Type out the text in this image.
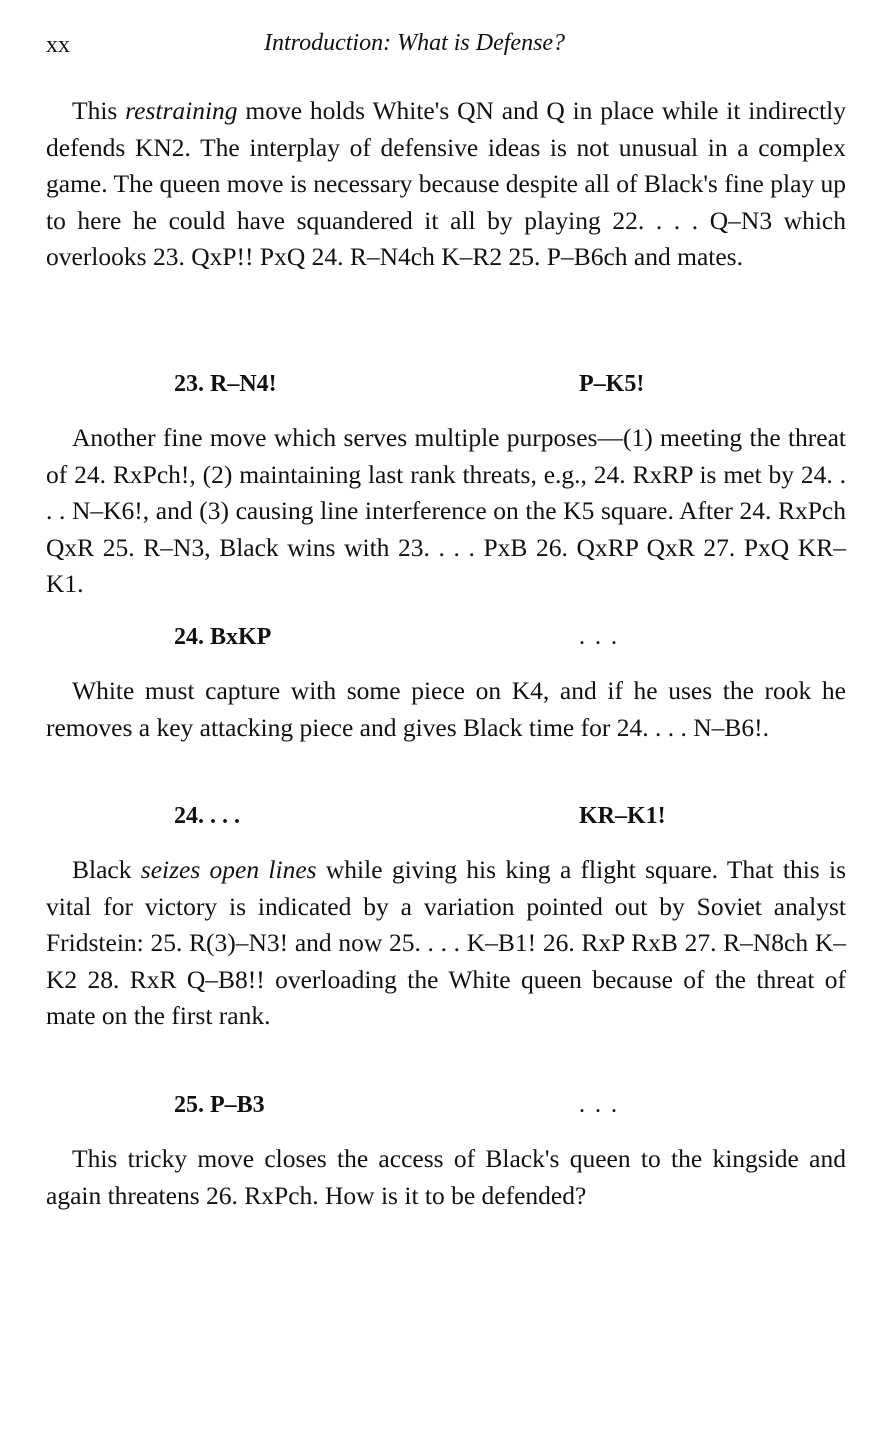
xx	Introduction: What is Defense?

This restraining move holds White's QN and Q in place while it indirectly defends KN2. The interplay of defensive ideas is not unusual in a complex game. The queen move is necessary because despite all of Black's fine play up to here he could have squandered it all by playing 22. . . . Q–N3 which overlooks 23. QxP!! PxQ 24. R–N4ch K–R2 25. P–B6ch and mates.

23. R–N4!	P–K5!

Another fine move which serves multiple purposes—(1) meeting the threat of 24. RxPch!, (2) maintaining last rank threats, e.g., 24. RxRP is met by 24. . . . N–K6!, and (3) causing line interference on the K5 square. After 24. RxPch QxR 25. R–N3, Black wins with 23. . . . PxB 26. QxRP QxR 27. PxQ KR–K1.

24. BxKP	. . .

White must capture with some piece on K4, and if he uses the rook he removes a key attacking piece and gives Black time for 24. . . . N–B6!.

24. . . .	KR–K1!

Black seizes open lines while giving his king a flight square. That this is vital for victory is indicated by a variation pointed out by Soviet analyst Fridstein: 25. R(3)–N3! and now 25. . . . K–B1! 26. RxP RxB 27. R–N8ch K–K2 28. RxR Q–B8!! overloading the White queen because of the threat of mate on the first rank.

25. P–B3	. . .

This tricky move closes the access of Black's queen to the kingside and again threatens 26. RxPch. How is it to be defended?
